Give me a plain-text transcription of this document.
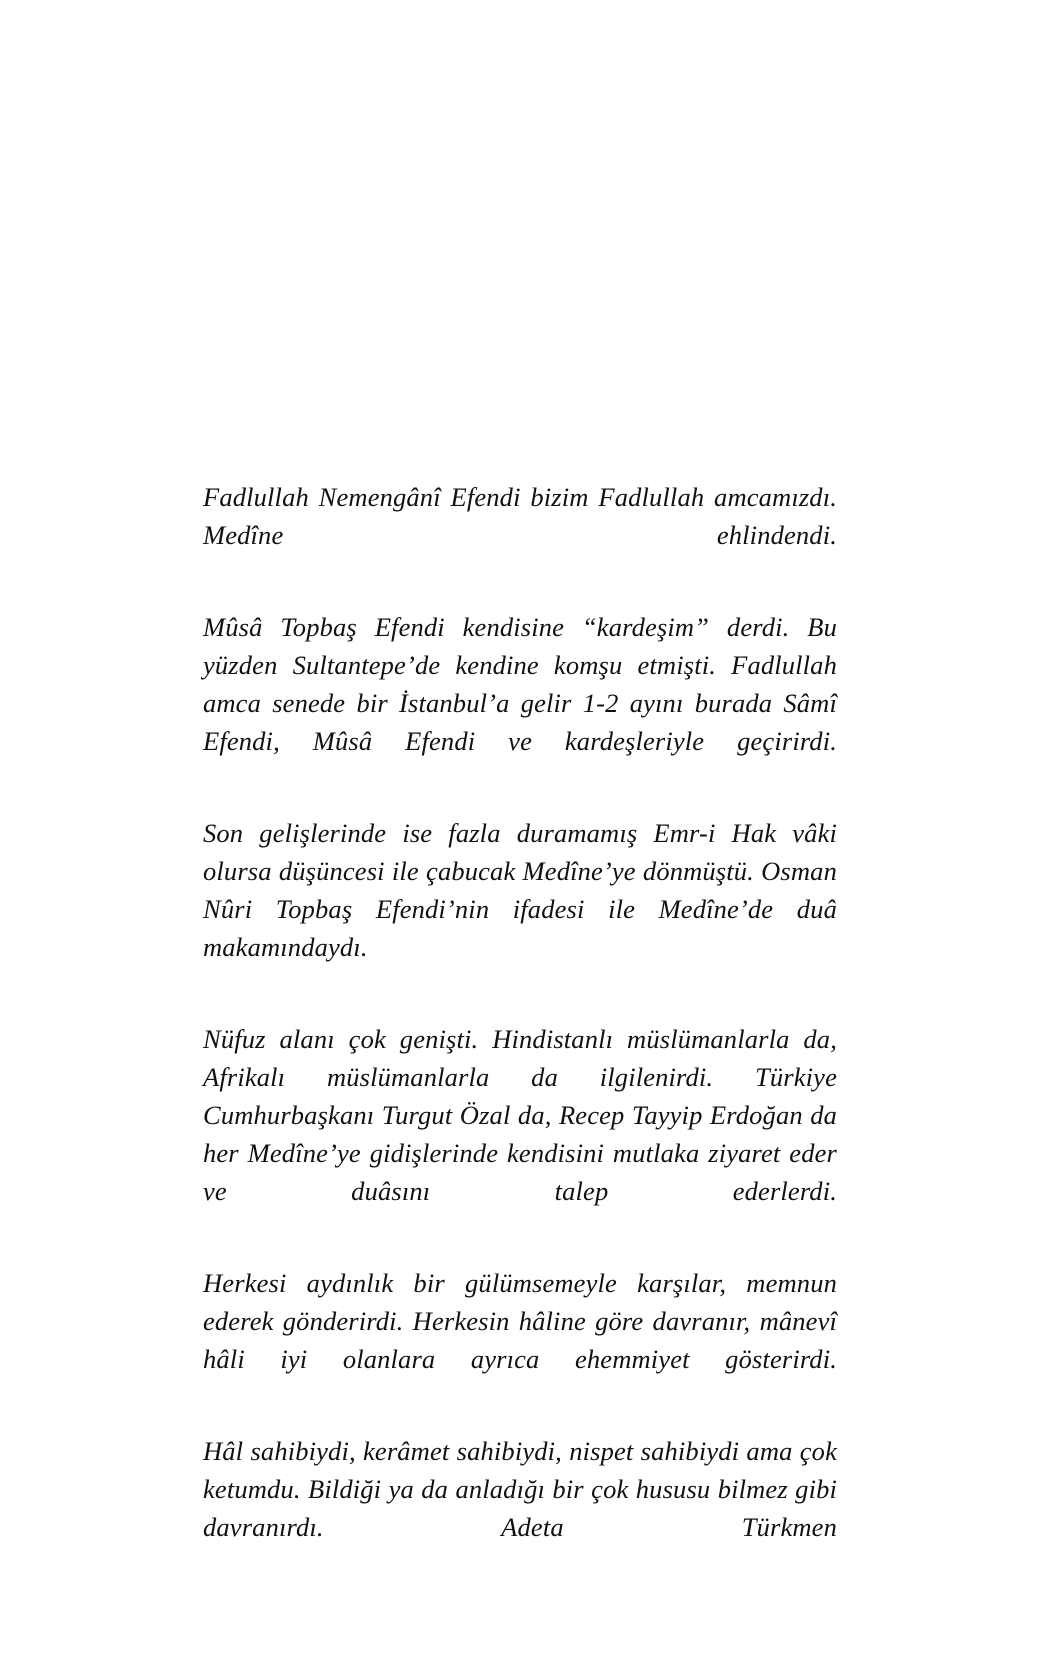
Fadlullah Nemengânî Efendi bizim Fadlullah amcamızdı. Medîne ehlindendi.

Mûsâ Topbaş Efendi kendisine “kardeşim” derdi. Bu yüzden Sultantepe’de kendine komşu etmişti. Fadlullah amca senede bir İstanbul’a gelir 1-2 ayını burada Sâmî Efendi, Mûsâ Efendi ve kardeşleriyle geçirirdi.

Son gelişlerinde ise fazla duramamış Emr-i Hak vâki olursa düşüncesi ile çabucak Medîne’ye dönmüştü. Osman Nûri Topbaş Efendi’nin ifadesi ile Medîne’de duâ makamındaydı.

Nüfuz alanı çok genişti. Hindistanlı müslümanlarla da, Afrikalı müslümanlarla da ilgilenirdi. Türkiye Cumhurbaşkanı Turgut Özal da, Recep Tayyip Erdoğan da her Medîne’ye gidişlerinde kendisini mutlaka ziyaret eder ve duâsını talep ederlerdi.

Herkesi aydınlık bir gülümsemeyle karşılar, memnun ederek gönderirdi. Herkesin hâline göre davranır, mânevî hâli iyi olanlara ayrıca ehemmiyet gösterirdi.

Hâl sahibiydi, kerâmet sahibiydi, nispet sahibiydi ama çok ketumdu. Bildiği ya da anladığı bir çok hususu bilmez gibi davranırdı. Adeta Türkmen
